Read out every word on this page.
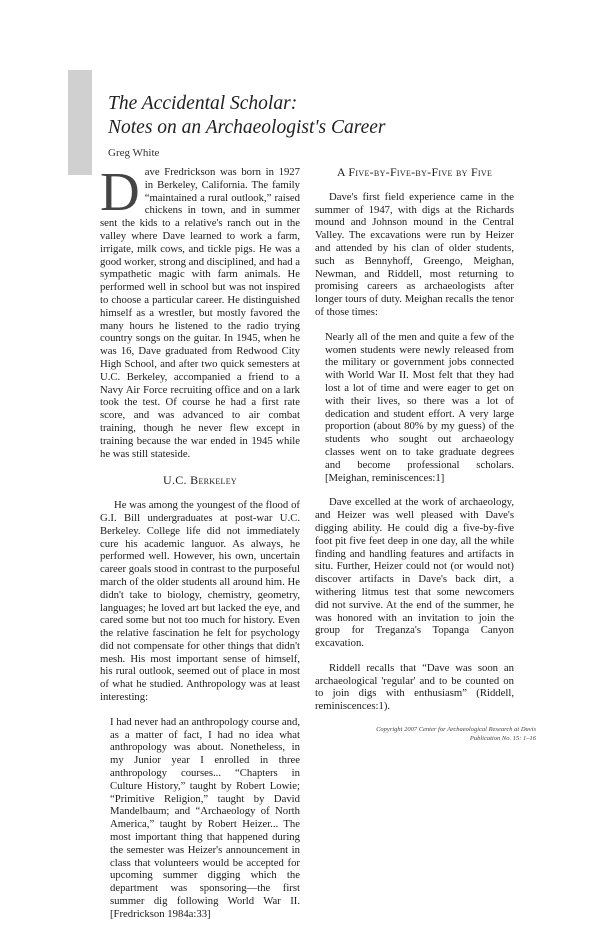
The Accidental Scholar:
Notes on an Archaeologist's Career
Greg White

Dave Fredrickson was born in 1927 in Berkeley, California. The family “maintained a rural outlook,” raised chickens in town, and in summer sent the kids to a relative's ranch out in the valley where Dave learned to work a farm, irrigate, milk cows, and tickle pigs. He was a good worker, strong and disciplined, and had a sympathetic magic with farm animals. He performed well in school but was not inspired to choose a particular career. He distinguished himself as a wrestler, but mostly favored the many hours he listened to the radio trying country songs on the guitar. In 1945, when he was 16, Dave graduated from Redwood City High School, and after two quick semesters at U.C. Berkeley, accompanied a friend to a Navy Air Force recruiting office and on a lark took the test. Of course he had a first rate score, and was advanced to air combat training, though he never flew except in training because the war ended in 1945 while he was still stateside.

U.C. Berkeley

He was among the youngest of the flood of G.I. Bill undergraduates at post-war U.C. Berkeley. College life did not immediately cure his academic languor. As always, he performed well. However, his own, uncertain career goals stood in contrast to the purposeful march of the older students all around him. He didn't take to biology, chemistry, geometry, languages; he loved art but lacked the eye, and cared some but not too much for history. Even the relative fascination he felt for psychology did not compensate for other things that didn't mesh. His most important sense of himself, his rural outlook, seemed out of place in most of what he studied. Anthropology was at least interesting:

I had never had an anthropology course and, as a matter of fact, I had no idea what anthropology was about. Nonetheless, in my Junior year I enrolled in three anthropology courses... “Chapters in Culture History,” taught by Robert Lowie; “Primitive Religion,” taught by David Mandelbaum; and “Archaeology of North America,” taught by Robert Heizer... The most important thing that happened during the semester was Heizer's announcement in class that volunteers would be accepted for upcoming summer digging which the department was sponsoring—the first summer dig following World War II. [Fredrickson 1984a:33]
A Five-by-Five-by-Five by Five

Dave's first field experience came in the summer of 1947, with digs at the Richards mound and Johnson mound in the Central Valley. The excavations were run by Heizer and attended by his clan of older students, such as Bennyhoff, Greengo, Meighan, Newman, and Riddell, most returning to promising careers as archaeologists after longer tours of duty. Meighan recalls the tenor of those times:

Nearly all of the men and quite a few of the women students were newly released from the military or government jobs connected with World War II. Most felt that they had lost a lot of time and were eager to get on with their lives, so there was a lot of dedication and student effort. A very large proportion (about 80% by my guess) of the students who sought out archaeology classes went on to take graduate degrees and become professional scholars. [Meighan, reminiscences:1]

Dave excelled at the work of archaeology, and Heizer was well pleased with Dave's digging ability. He could dig a five-by-five foot pit five feet deep in one day, all the while finding and handling features and artifacts in situ. Further, Heizer could not (or would not) discover artifacts in Dave's back dirt, a withering litmus test that some newcomers did not survive. At the end of the summer, he was honored with an invitation to join the group for Treganza's Topanga Canyon excavation.

Riddell recalls that “Dave was soon an archaeological 'regular' and to be counted on to join digs with enthusiasm” (Riddell, reminiscences:1).

Copyright 2007 Center for Archaeological Research at Davis
Publication No. 15: 1–16
